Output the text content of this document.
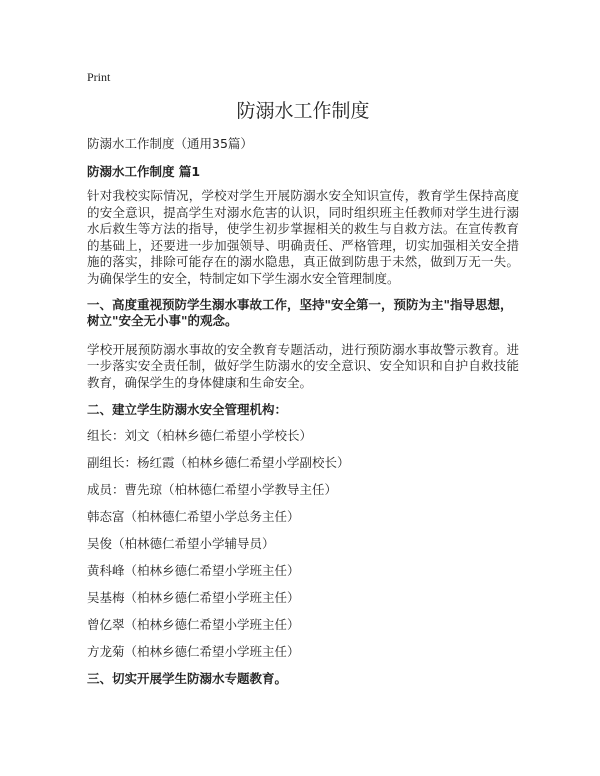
Print
防溺水工作制度
防溺水工作制度（通用35篇）
防溺水工作制度 篇1

针对我校实际情况，学校对学生开展防溺水安全知识宣传，教育学生保持高度的安全意识，提高学生对溺水危害的认识，同时组织班主任教师对学生进行溺水后救生等方法的指导，使学生初步掌握相关的救生与自救方法。在宣传教育的基础上，还要进一步加强领导、明确责任、严格管理，切实加强相关安全措施的落实，排除可能存在的溺水隐患，真正做到防患于未然，做到万无一失。为确保学生的安全，特制定如下学生溺水安全管理制度。

一、高度重视预防学生溺水事故工作，坚持"安全第一，预防为主"指导思想，树立"安全无小事"的观念。

学校开展预防溺水事故的安全教育专题活动，进行预防溺水事故警示教育。进一步落实安全责任制，做好学生防溺水的安全意识、安全知识和自护自救技能教育，确保学生的身体健康和生命安全。

二、建立学生防溺水安全管理机构：
组长：刘文（柏林乡德仁希望小学校长）
副组长：杨红霞（柏林乡德仁希望小学副校长）
成员：曹先琼（柏林德仁希望小学教导主任）
韩态富（柏林德仁希望小学总务主任）
吴俊（柏林德仁希望小学辅导员）
黄科峰（柏林乡德仁希望小学班主任）
吴基梅（柏林乡德仁希望小学班主任）
曾亿翠（柏林乡德仁希望小学班主任）
方龙菊（柏林乡德仁希望小学班主任）
三、切实开展学生防溺水专题教育。
